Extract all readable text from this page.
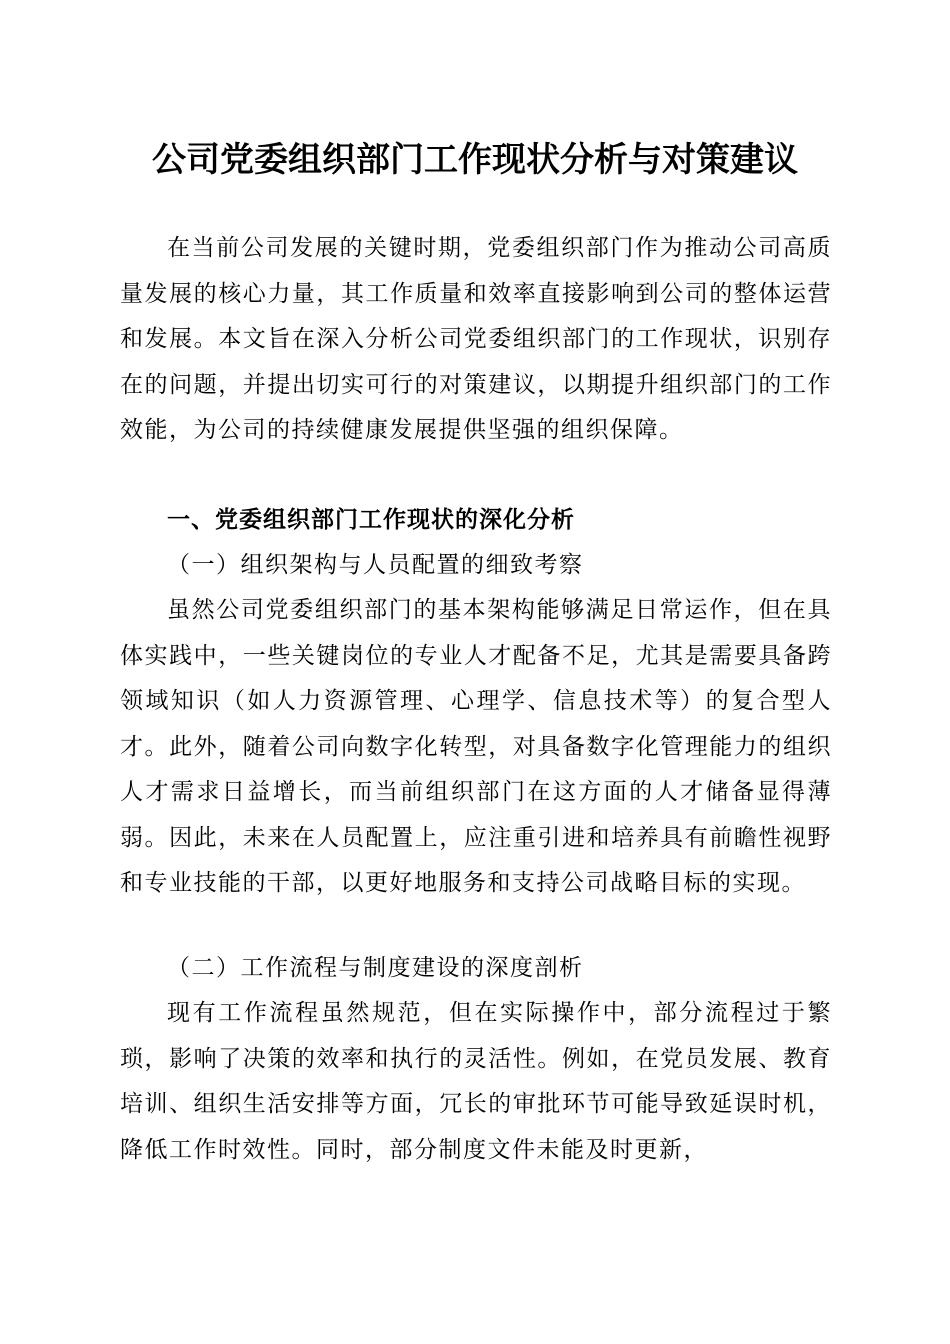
公司党委组织部门工作现状分析与对策建议

在当前公司发展的关键时期，党委组织部门作为推动公司高质量发展的核心力量，其工作质量和效率直接影响到公司的整体运营和发展。本文旨在深入分析公司党委组织部门的工作现状，识别存在的问题，并提出切实可行的对策建议，以期提升组织部门的工作效能，为公司的持续健康发展提供坚强的组织保障。

一、党委组织部门工作现状的深化分析

（一）组织架构与人员配置的细致考察

虽然公司党委组织部门的基本架构能够满足日常运作，但在具体实践中，一些关键岗位的专业人才配备不足，尤其是需要具备跨领域知识（如人力资源管理、心理学、信息技术等）的复合型人才。此外，随着公司向数字化转型，对具备数字化管理能力的组织人才需求日益增长，而当前组织部门在这方面的人才储备显得薄弱。因此，未来在人员配置上，应注重引进和培养具有前瞻性视野和专业技能的干部，以更好地服务和支持公司战略目标的实现。

（二）工作流程与制度建设的深度剖析

现有工作流程虽然规范，但在实际操作中，部分流程过于繁琐，影响了决策的效率和执行的灵活性。例如，在党员发展、教育培训、组织生活安排等方面，冗长的审批环节可能导致延误时机，降低工作时效性。同时，部分制度文件未能及时更新，
